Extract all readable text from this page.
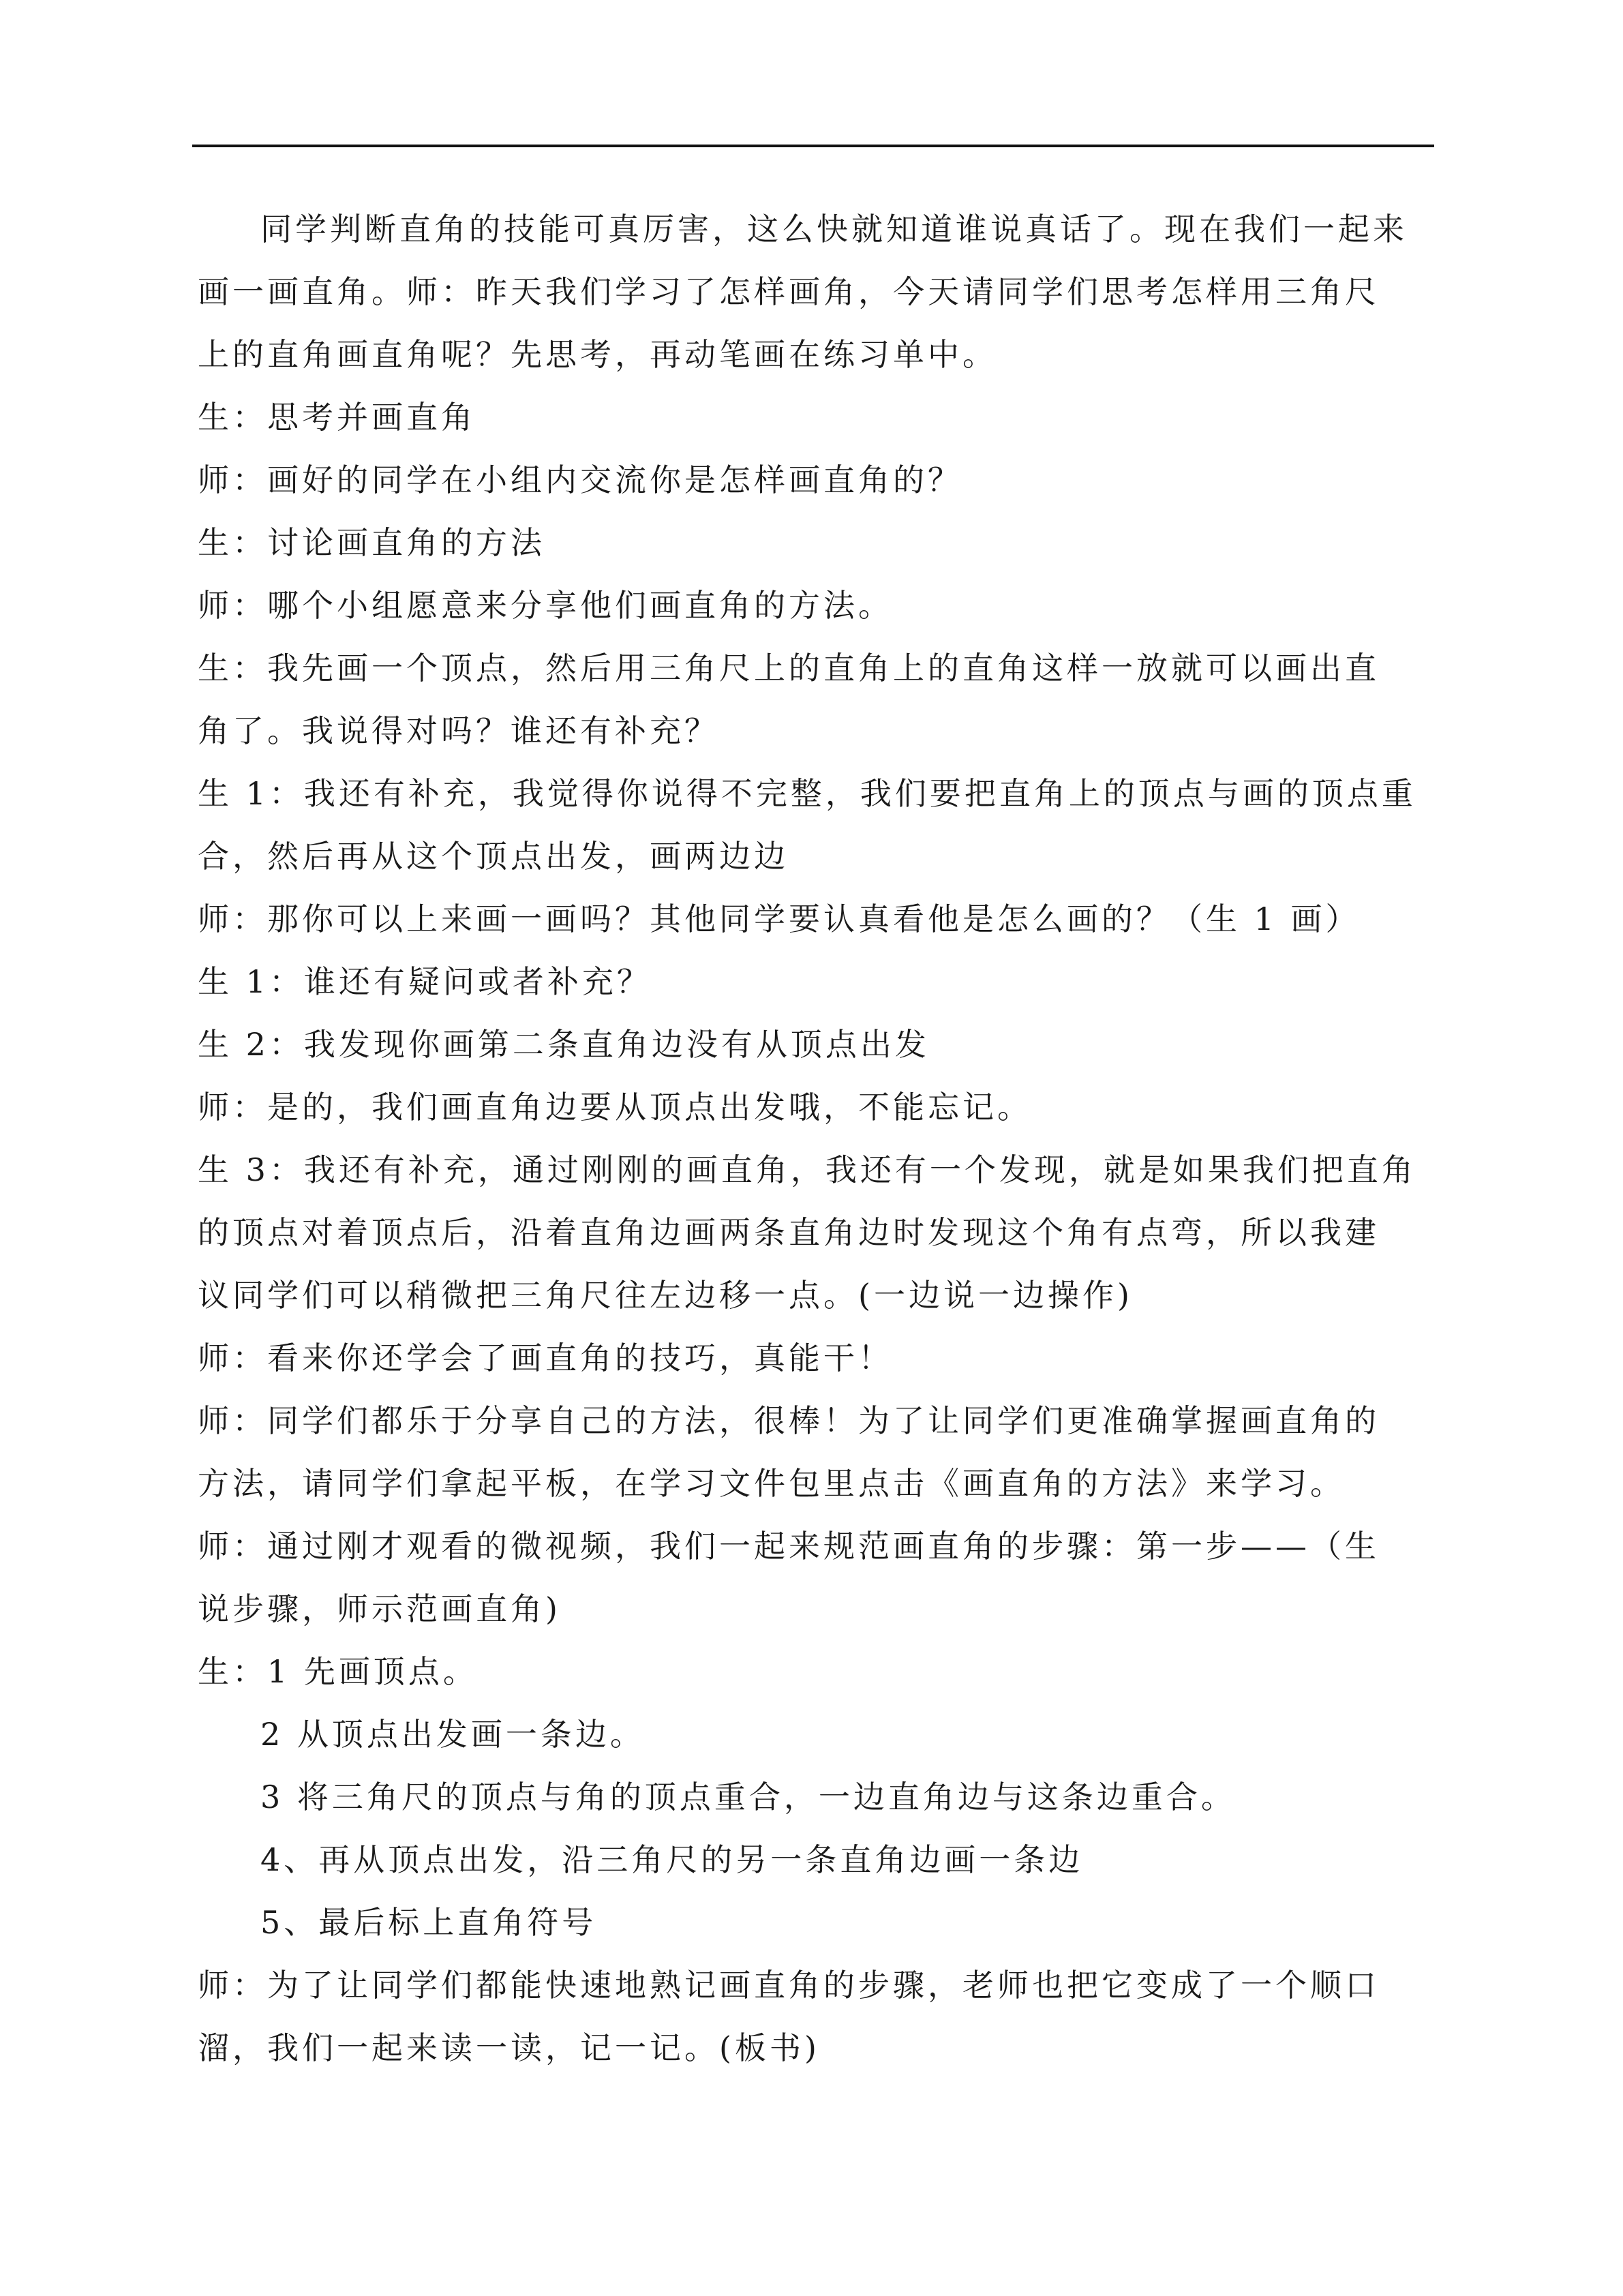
同学判断直角的技能可真厉害，这么快就知道谁说真话了。现在我们一起来
画一画直角。师：昨天我们学习了怎样画角，今天请同学们思考怎样用三角尺
上的直角画直角呢？先思考，再动笔画在练习单中。
生：思考并画直角
师：画好的同学在小组内交流你是怎样画直角的？
生：讨论画直角的方法
师：哪个小组愿意来分享他们画直角的方法。
生：我先画一个顶点，然后用三角尺上的直角上的直角这样一放就可以画出直
角了。我说得对吗？谁还有补充？
生 1：我还有补充，我觉得你说得不完整，我们要把直角上的顶点与画的顶点重
合，然后再从这个顶点出发，画两边边
师：那你可以上来画一画吗？其他同学要认真看他是怎么画的？（生 1 画）
生 1：谁还有疑问或者补充？
生 2：我发现你画第二条直角边没有从顶点出发
师：是的，我们画直角边要从顶点出发哦，不能忘记。
生 3：我还有补充，通过刚刚的画直角，我还有一个发现，就是如果我们把直角
的顶点对着顶点后，沿着直角边画两条直角边时发现这个角有点弯，所以我建
议同学们可以稍微把三角尺往左边移一点。(一边说一边操作)
师：看来你还学会了画直角的技巧，真能干！
师：同学们都乐于分享自己的方法，很棒！为了让同学们更准确掌握画直角的
方法，请同学们拿起平板，在学习文件包里点击《画直角的方法》来学习。
师：通过刚才观看的微视频，我们一起来规范画直角的步骤：第一步——（生
说步骤，师示范画直角)
生：1 先画顶点。
2 从顶点出发画一条边。
3 将三角尺的顶点与角的顶点重合，一边直角边与这条边重合。
4、再从顶点出发，沿三角尺的另一条直角边画一条边
5、最后标上直角符号
师：为了让同学们都能快速地熟记画直角的步骤，老师也把它变成了一个顺口
溜，我们一起来读一读，记一记。(板书)
